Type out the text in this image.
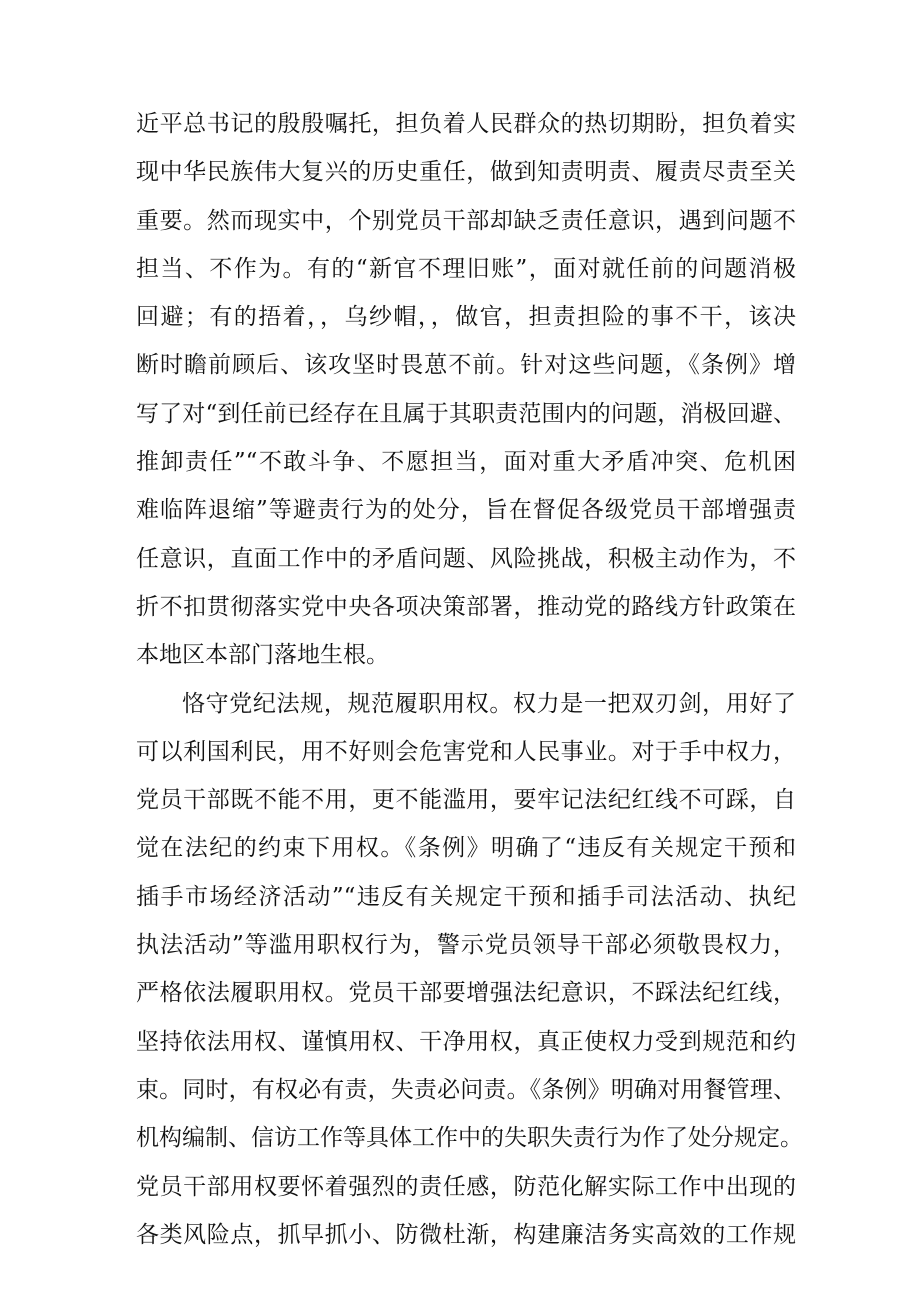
近平总书记的殷殷嘱托，担负着人民群众的热切期盼，担负着实
现中华民族伟大复兴的历史重任，做到知责明责、履责尽责至关
重要。然而现实中，个别党员干部却缺乏责任意识，遇到问题不
担当、不作为。有的“新官不理旧账”，面对就任前的问题消极
回避；有的捂着，，乌纱帽，，做官，担责担险的事不干，该决
断时瞻前顾后、该攻坚时畏葸不前。针对这些问题，《条例》增
写了对“到任前已经存在且属于其职责范围内的问题，消极回避、
推卸责任”“不敢斗争、不愿担当，面对重大矛盾冲突、危机困
难临阵退缩”等避责行为的处分，旨在督促各级党员干部增强责
任意识，直面工作中的矛盾问题、风险挑战，积极主动作为，不
折不扣贯彻落实党中央各项决策部署，推动党的路线方针政策在
本地区本部门落地生根。
恪守党纪法规，规范履职用权。权力是一把双刃剑，用好了
可以利国利民，用不好则会危害党和人民事业。对于手中权力，
党员干部既不能不用，更不能滥用，要牢记法纪红线不可踩，自
觉在法纪的约束下用权。《条例》明确了“违反有关规定干预和
插手市场经济活动”“违反有关规定干预和插手司法活动、执纪
执法活动”等滥用职权行为，警示党员领导干部必须敬畏权力，
严格依法履职用权。党员干部要增强法纪意识，不踩法纪红线，
坚持依法用权、谨慎用权、干净用权，真正使权力受到规范和约
束。同时，有权必有责，失责必问责。《条例》明确对用餐管理、
机构编制、信访工作等具体工作中的失职失责行为作了处分规定。
党员干部用权要怀着强烈的责任感，防范化解实际工作中出现的
各类风险点，抓早抓小、防微杜渐，构建廉洁务实高效的工作规
